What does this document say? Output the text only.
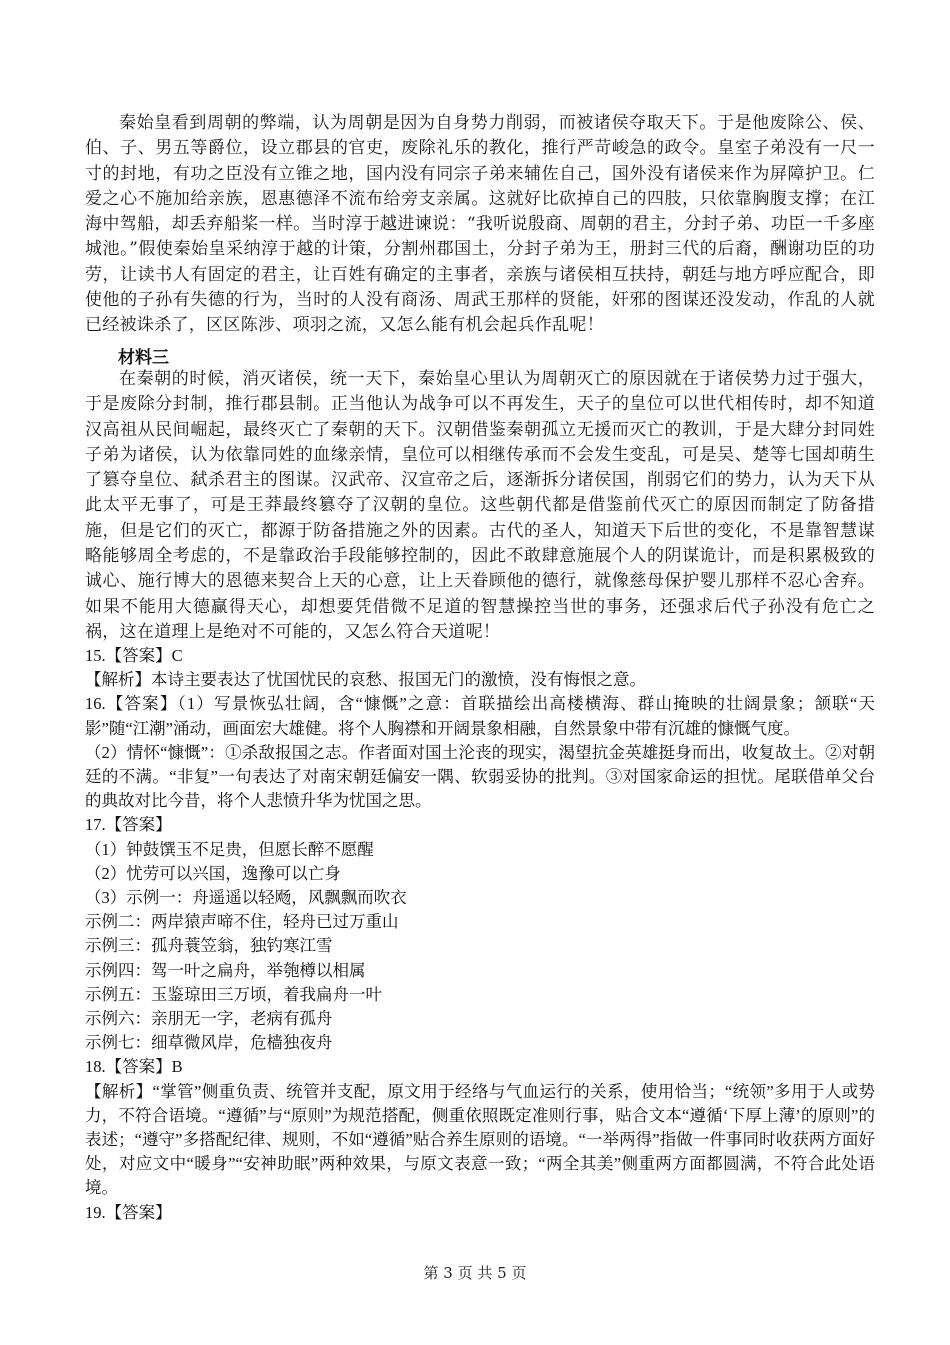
秦始皇看到周朝的弊端，认为周朝是因为自身势力削弱，而被诸侯夺取天下。于是他废除公、侯、伯、子、男五等爵位，设立郡县的官吏，废除礼乐的教化，推行严苛峻急的政令。皇室子弟没有一尺一寸的封地，有功之臣没有立锥之地，国内没有同宗子弟来辅佐自己，国外没有诸侯来作为屏障护卫。仁爱之心不施加给亲族，恩惠德泽不流布给旁支亲属。这就好比砍掉自己的四肢，只依靠胸腹支撑；在江海中驾船，却丢弃船桨一样。当时淳于越进谏说：“我听说殷商、周朝的君主，分封子弟、功臣一千多座城池。”假使秦始皇采纳淳于越的计策，分割州郡国土，分封子弟为王，册封三代的后裔，酬谢功臣的功劳，让读书人有固定的君主，让百姓有确定的主事者，亲族与诸侯相互扶持，朝廷与地方呼应配合，即使他的子孙有失德的行为，当时的人没有商汤、周武王那样的贤能，奸邪的图谋还没发动，作乱的人就已经被诛杀了，区区陈涉、项羽之流，又怎么能有机会起兵作乱呢！

材料三

在秦朝的时候，消灭诸侯，统一天下，秦始皇心里认为周朝灭亡的原因就在于诸侯势力过于强大，于是废除分封制，推行郡县制。正当他认为战争可以不再发生，天子的皇位可以世代相传时，却不知道汉高祖从民间崛起，最终灭亡了秦朝的天下。汉朝借鉴秦朝孤立无援而灭亡的教训，于是大肆分封同姓子弟为诸侯，认为依靠同姓的血缘亲情，皇位可以相继传承而不会发生变乱，可是吴、楚等七国却萌生了篡夺皇位、弑杀君主的图谋。汉武帝、汉宣帝之后，逐渐拆分诸侯国，削弱它们的势力，认为天下从此太平无事了，可是王莽最终篡夺了汉朝的皇位。这些朝代都是借鉴前代灭亡的原因而制定了防备措施，但是它们的灭亡，都源于防备措施之外的因素。古代的圣人，知道天下后世的变化，不是靠智慧谋略能够周全考虑的，不是靠政治手段能够控制的，因此不敢肆意施展个人的阴谋诡计，而是积累极致的诚心、施行博大的恩德来契合上天的心意，让上天眷顾他的德行，就像慈母保护婴儿那样不忍心舍弃。如果不能用大德赢得天心，却想要凭借微不足道的智慧操控当世的事务，还强求后代子孙没有危亡之祸，这在道理上是绝对不可能的，又怎么符合天道呢！

15.【答案】C
【解析】本诗主要表达了忧国忧民的哀愁、报国无门的激愤，没有悔恨之意。
16.【答案】（1）写景恢弘壮阔，含“慷慨”之意：首联描绘出高楼横海、群山掩映的壮阔景象；颔联“天影”随“江潮”涌动，画面宏大雄健。将个人胸襟和开阔景象相融，自然景象中带有沉雄的慷慨气度。
（2）情怀“慷慨”：①杀敌报国之志。作者面对国土沦丧的现实，渴望抗金英雄挺身而出，收复故土。②对朝廷的不满。“非复”一句表达了对南宋朝廷偏安一隅、软弱妥协的批判。③对国家命运的担忧。尾联借单父台的典故对比今昔，将个人悲愤升华为忧国之思。
17.【答案】
（1）钟鼓馔玉不足贵，但愿长醉不愿醒
（2）忧劳可以兴国，逸豫可以亡身
（3）示例一：舟遥遥以轻飏，风飘飘而吹衣
示例二：两岸猿声啼不住，轻舟已过万重山
示例三：孤舟蓑笠翁，独钓寒江雪
示例四：驾一叶之扁舟，举匏樽以相属
示例五：玉鉴琼田三万顷，着我扁舟一叶
示例六：亲朋无一字，老病有孤舟
示例七：细草微风岸，危樯独夜舟
18.【答案】B
【解析】“掌管”侧重负责、统管并支配，原文用于经络与气血运行的关系，使用恰当；“统领”多用于人或势力，不符合语境。“遵循”与“原则”为规范搭配，侧重依照既定准则行事，贴合文本“遵循‘下厚上薄’的原则”的表述；“遵守”多搭配纪律、规则，不如“遵循”贴合养生原则的语境。“一举两得”指做一件事同时收获两方面好处，对应文中“暖身”“安神助眠”两种效果，与原文表意一致；“两全其美”侧重两方面都圆满，不符合此处语境。
19.【答案】
第 3 页 共 5 页
